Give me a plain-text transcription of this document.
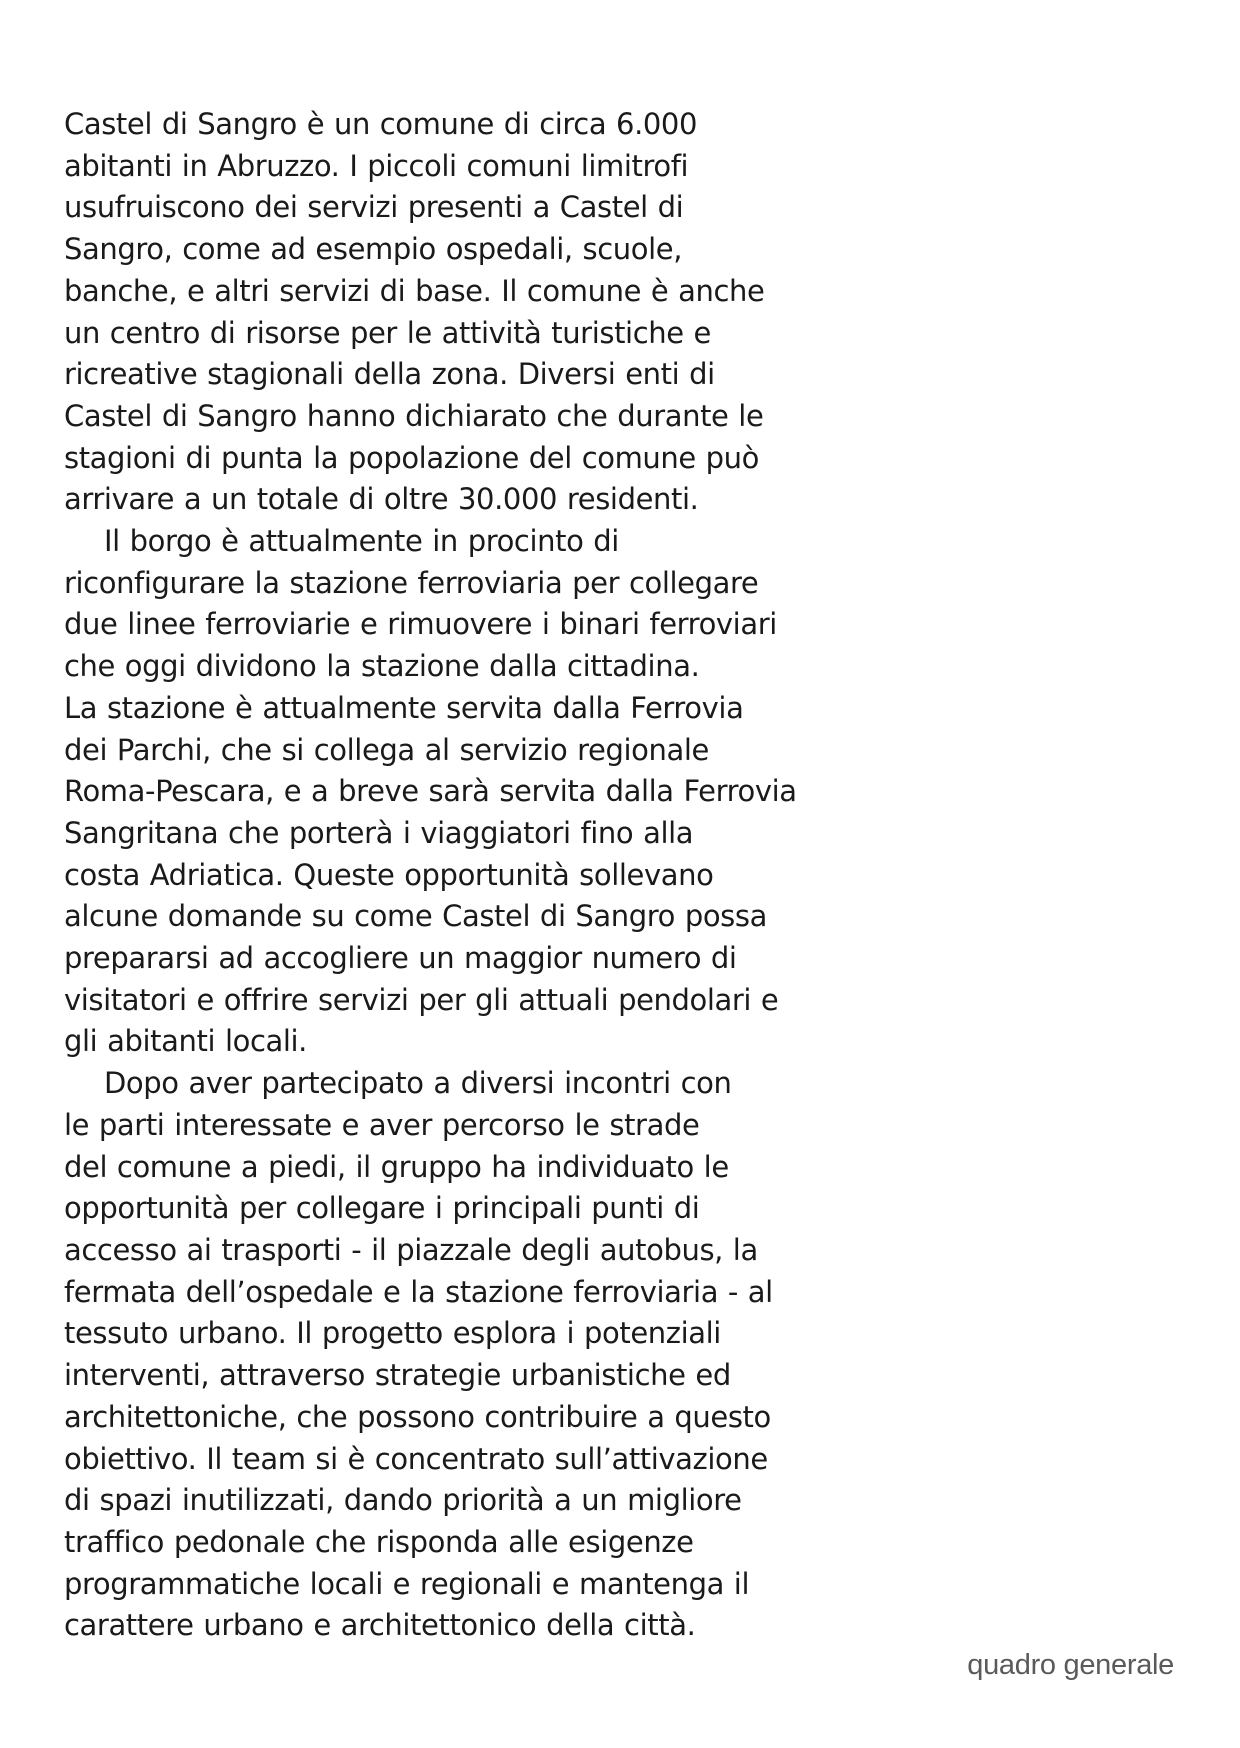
Castel di Sangro è un comune di circa 6.000
abitanti in Abruzzo. I piccoli comuni limitrofi
usufruiscono dei servizi presenti a Castel di
Sangro, come ad esempio ospedali, scuole,
banche, e altri servizi di base. Il comune è anche
un centro di risorse per le attività turistiche e
ricreative stagionali della zona. Diversi enti di
Castel di Sangro hanno dichiarato che durante le
stagioni di punta la popolazione del comune può
arrivare a un totale di oltre 30.000 residenti.
Il borgo è attualmente in procinto di
riconfigurare la stazione ferroviaria per collegare
due linee ferroviarie e rimuovere i binari ferroviari
che oggi dividono la stazione dalla cittadina.
La stazione è attualmente servita dalla Ferrovia
dei Parchi, che si collega al servizio regionale
Roma-Pescara, e a breve sarà servita dalla Ferrovia
Sangritana che porterà i viaggiatori fino alla
costa Adriatica. Queste opportunità sollevano
alcune domande su come Castel di Sangro possa
prepararsi ad accogliere un maggior numero di
visitatori e offrire servizi per gli attuali pendolari e
gli abitanti locali.
Dopo aver partecipato a diversi incontri con
le parti interessate e aver percorso le strade
del comune a piedi, il gruppo ha individuato le
opportunità per collegare i principali punti di
accesso ai trasporti - il piazzale degli autobus, la
fermata dell’ospedale e la stazione ferroviaria - al
tessuto urbano. Il progetto esplora i potenziali
interventi, attraverso strategie urbanistiche ed
architettoniche, che possono contribuire a questo
obiettivo. Il team si è concentrato sull’attivazione
di spazi inutilizzati, dando priorità a un migliore
traffico pedonale che risponda alle esigenze
programmatiche locali e regionali e mantenga il
carattere urbano e architettonico della città.
quadro generale
